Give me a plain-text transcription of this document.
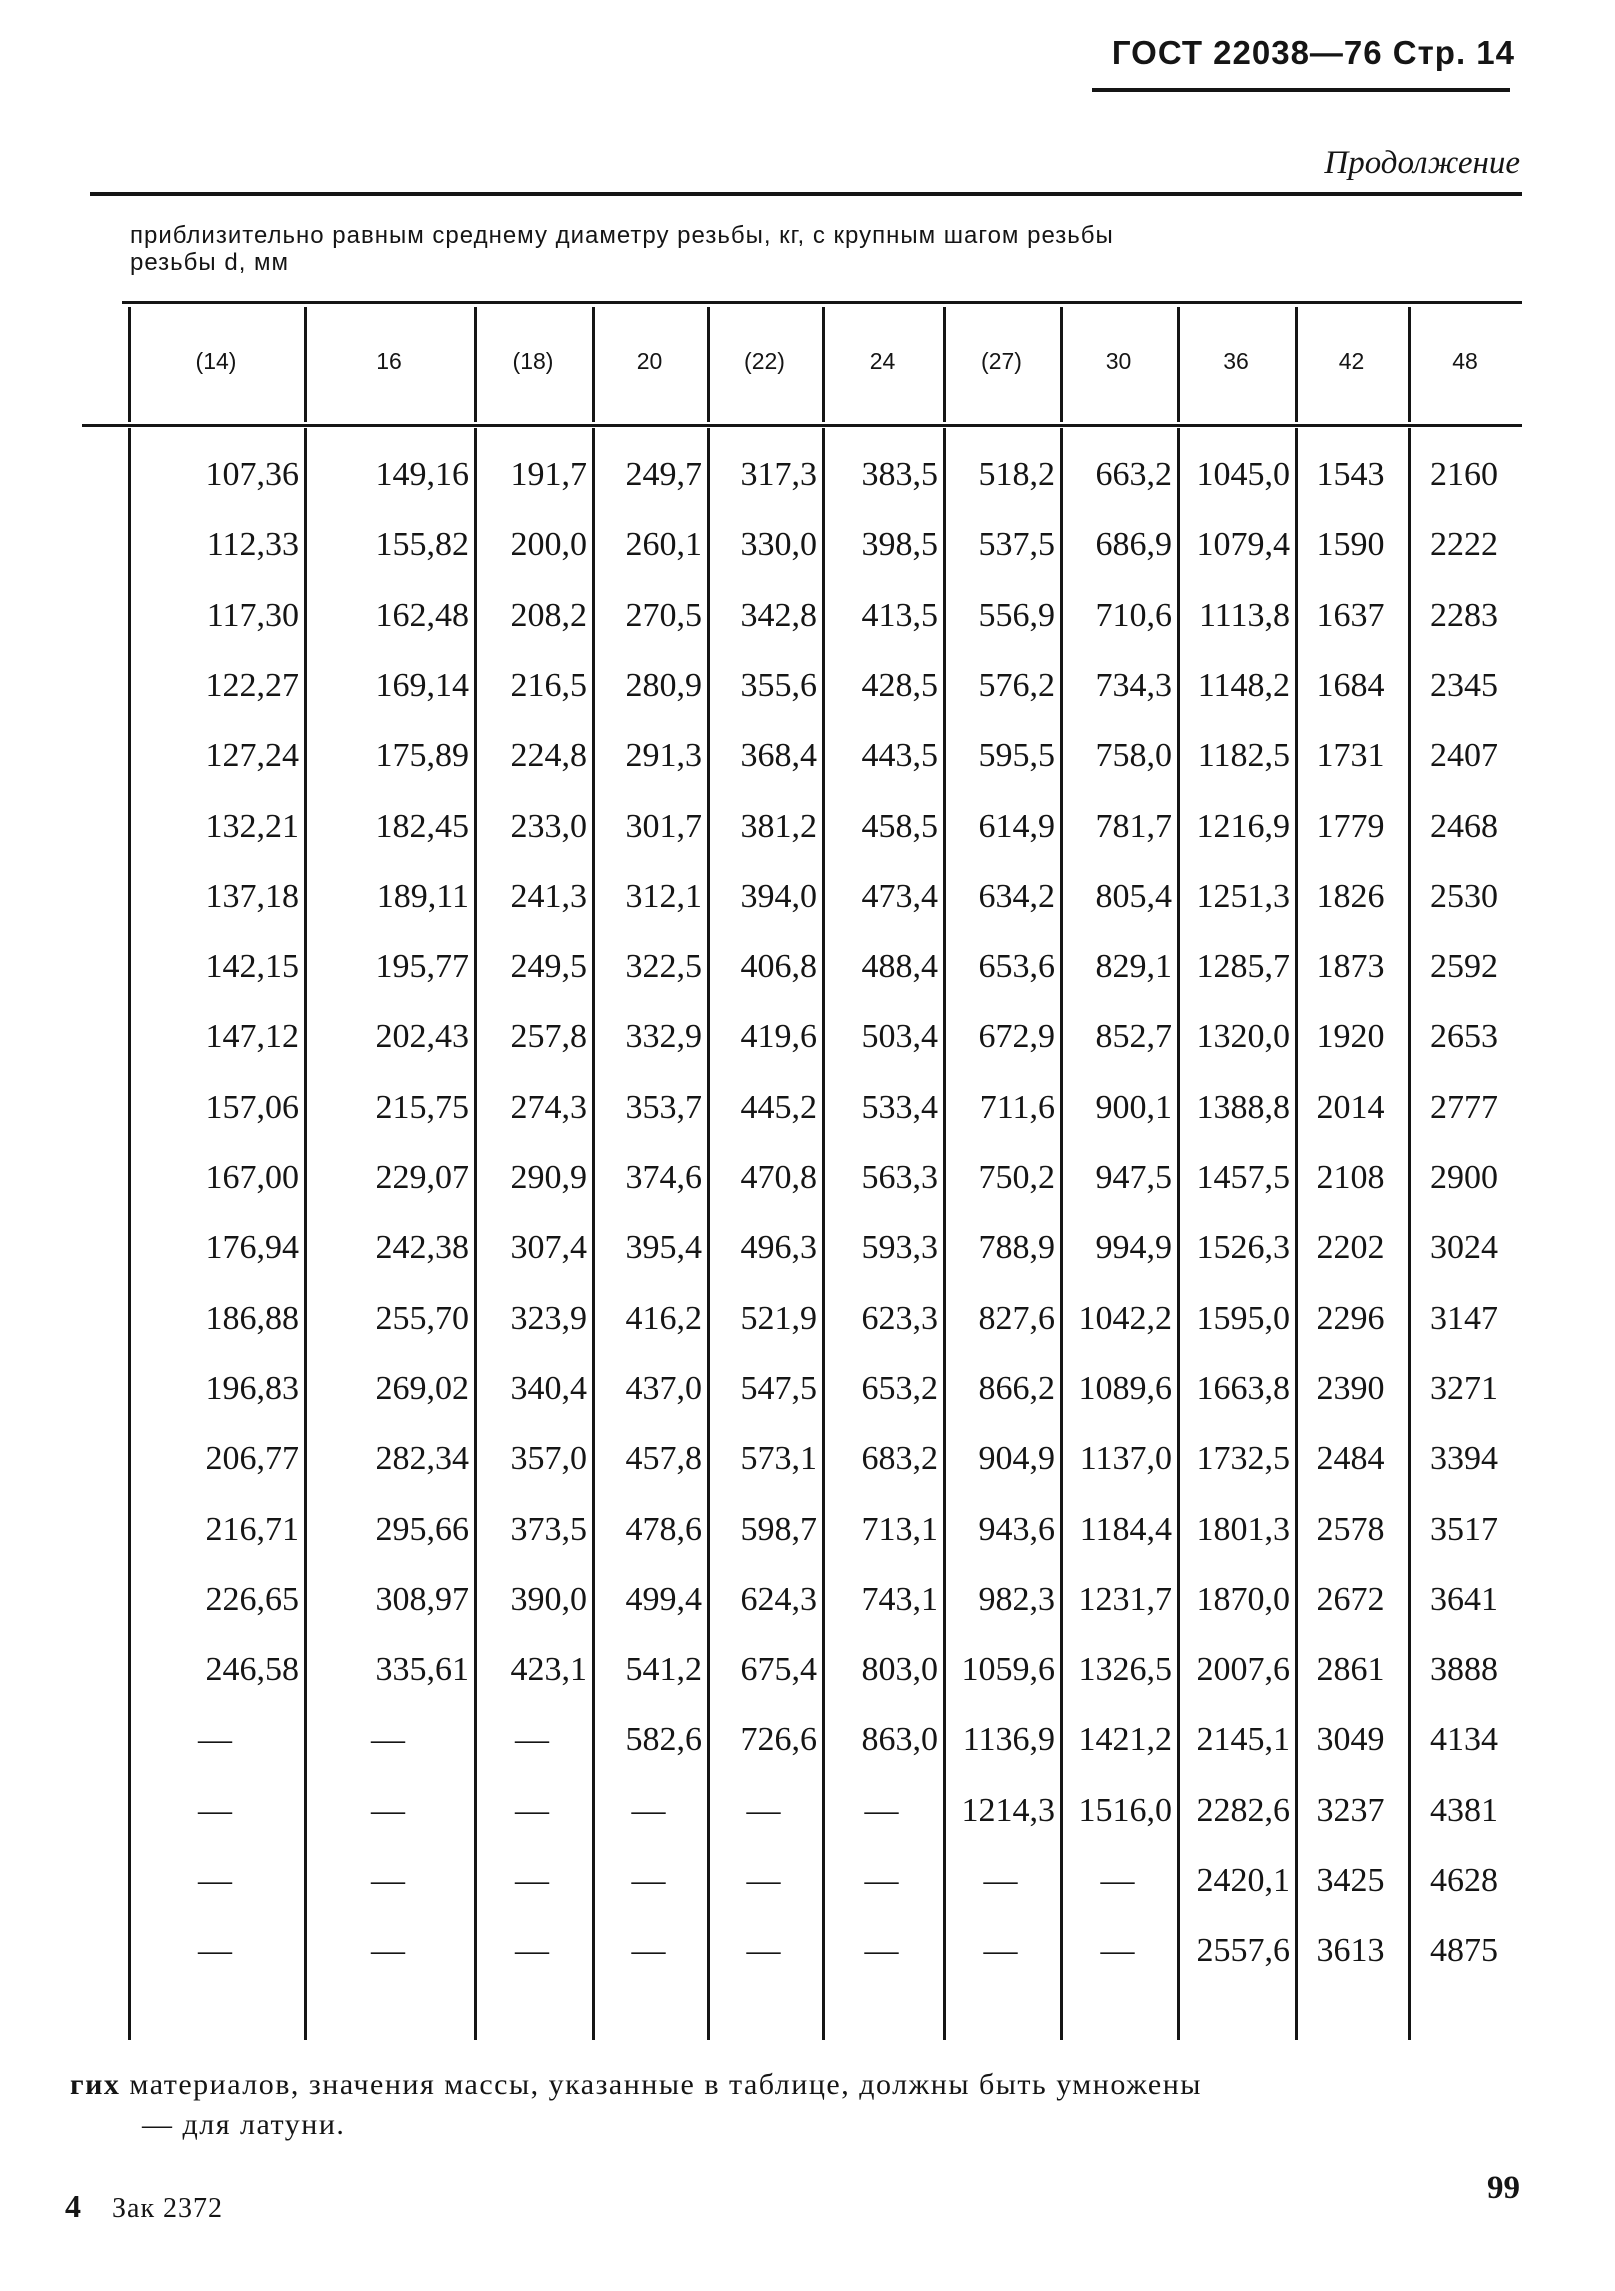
ГОСТ 22038—76 Стр. 14
Продолжение
приблизительно равным среднему диаметру резьбы, кг, с крупным шагом резьбы
резьбы d, мм
(14)	16	(18)	20	(22)	24	(27)	30	36	42	48
107,36	149,16	191,7	249,7	317,3	383,5	518,2	663,2 1045,0 1543	2160
112,33	155,82	200,0	260,1	330,0	398,5	537,5	686,9 1079,4 1590	2222
117,30	162,48	208,2	270,5	342,8	413,5	556,9	710,6 1113,8 1637	2283
122,27	169,14	216,5	280,9	355,6	428,5	576,2	734,3 1148,2 1684	2345
127,24	175,89	224,8	291,3	368,4	443,5	595,5	758,0 1182,5 1731	2407
132,21	182,45	233,0	301,7	381,2	458,5	614,9	781,7 1216,9 1779	2468
137,18	189,11	241,3	312,1	394,0	473,4	634,2	805,4 1251,3 1826	2530
142,15	195,77	249,5	322,5	406,8	488,4	653,6	829,1 1285,7 1873	2592
147,12	202,43	257,8	332,9	419,6	503,4	672,9	852,7 1320,0 1920	2653
157,06	215,75	274,3	353,7	445,2	533,4	711,6	900,1 1388,8 2014	2777
167,00	229,07	290,9	374,6	470,8	563,3	750,2	947,5 1457,5 2108	2900
176,94	242,38	307,4	395,4	496,3	593,3	788,9	994,9 1526,3 2202	3024
186,88	255,70	323,9	416,2	521,9	623,3	827,6 1042,2 1595,0 2296	3147
196,83	269,02	340,4	437,0	547,5	653,2	866,2 1089,6 1663,8 2390	3271
206,77	282,34	357,0	457,8	573,1	683,2	904,9 1137,0 1732,5 2484	3394
216,71	295,66	373,5	478,6	598,7	713,1	943,6 1184,4 1801,3 2578	3517
226,65	308,97	390,0	499,4	624,3	743,1	982,3 1231,7 1870,0 2672	3641
246,58	335,61	423,1	541,2	675,4	803,0 1059,6 1326,5 2007,6 2861	3888
—	—	—	582,6	726,6	863,0 1136,9 1421,2 2145,1 3049	4134
—	—	—	—	—	—	1214,3 1516,0 2282,6 3237	4381
—	—	—	—	—	—	—	—	2420,1 3425	4628
—	—	—	—	—	—	—	—	2557,6 3613	4875
гих материалов, значения массы, указанные в таблице, должны быть умножены
— для латуни.
4 Зак 2372
99
